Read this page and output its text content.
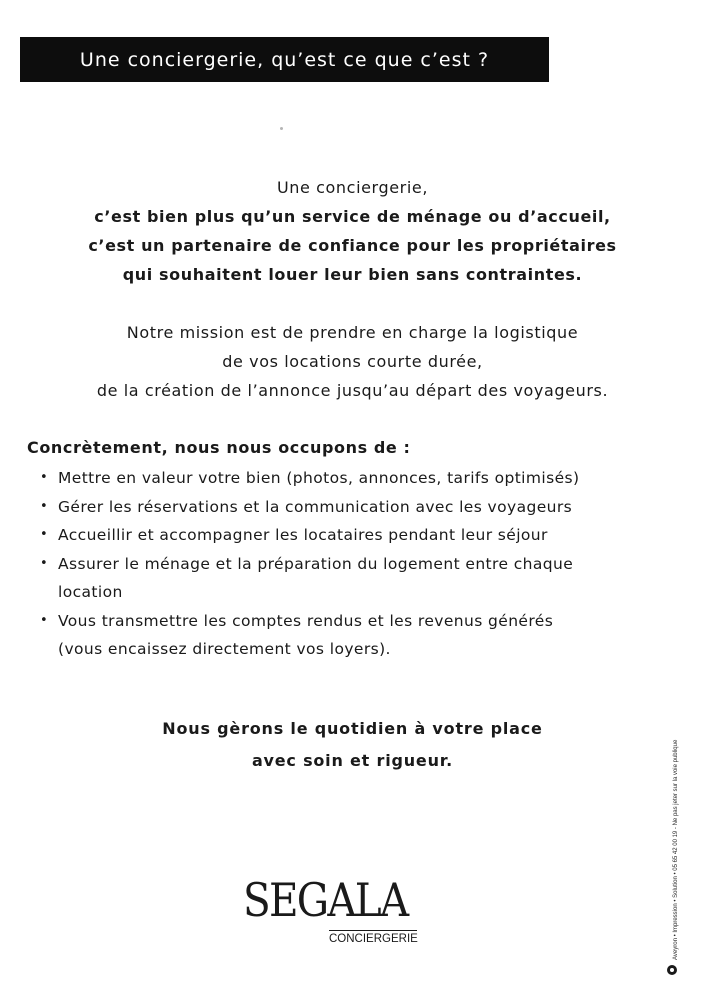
Une conciergerie, qu’est ce que c’est ?
Une conciergerie,
c’est bien plus qu’un service de ménage ou d’accueil,
c’est un partenaire de confiance pour les propriétaires
qui souhaitent louer leur bien sans contraintes.
Notre mission est de prendre en charge la logistique
de vos locations courte durée,
de la création de l’annonce jusqu’au départ des voyageurs.
Concrètement, nous nous occupons de :
• Mettre en valeur votre bien (photos, annonces, tarifs optimisés)
• Gérer les réservations et la communication avec les voyageurs
• Accueillir et accompagner les locataires pendant leur séjour
• Assurer le ménage et la préparation du logement entre chaque
location
• Vous transmettre les comptes rendus et les revenus générés
(vous encaissez directement vos loyers).
Nous gèrons le quotidien à votre place
avec soin et rigueur.
SEGALA
CONCIERGERIE	Aveyron • Impression • Solution • 05 65 42 00 19 - Ne pas jeter sur la voie publique
